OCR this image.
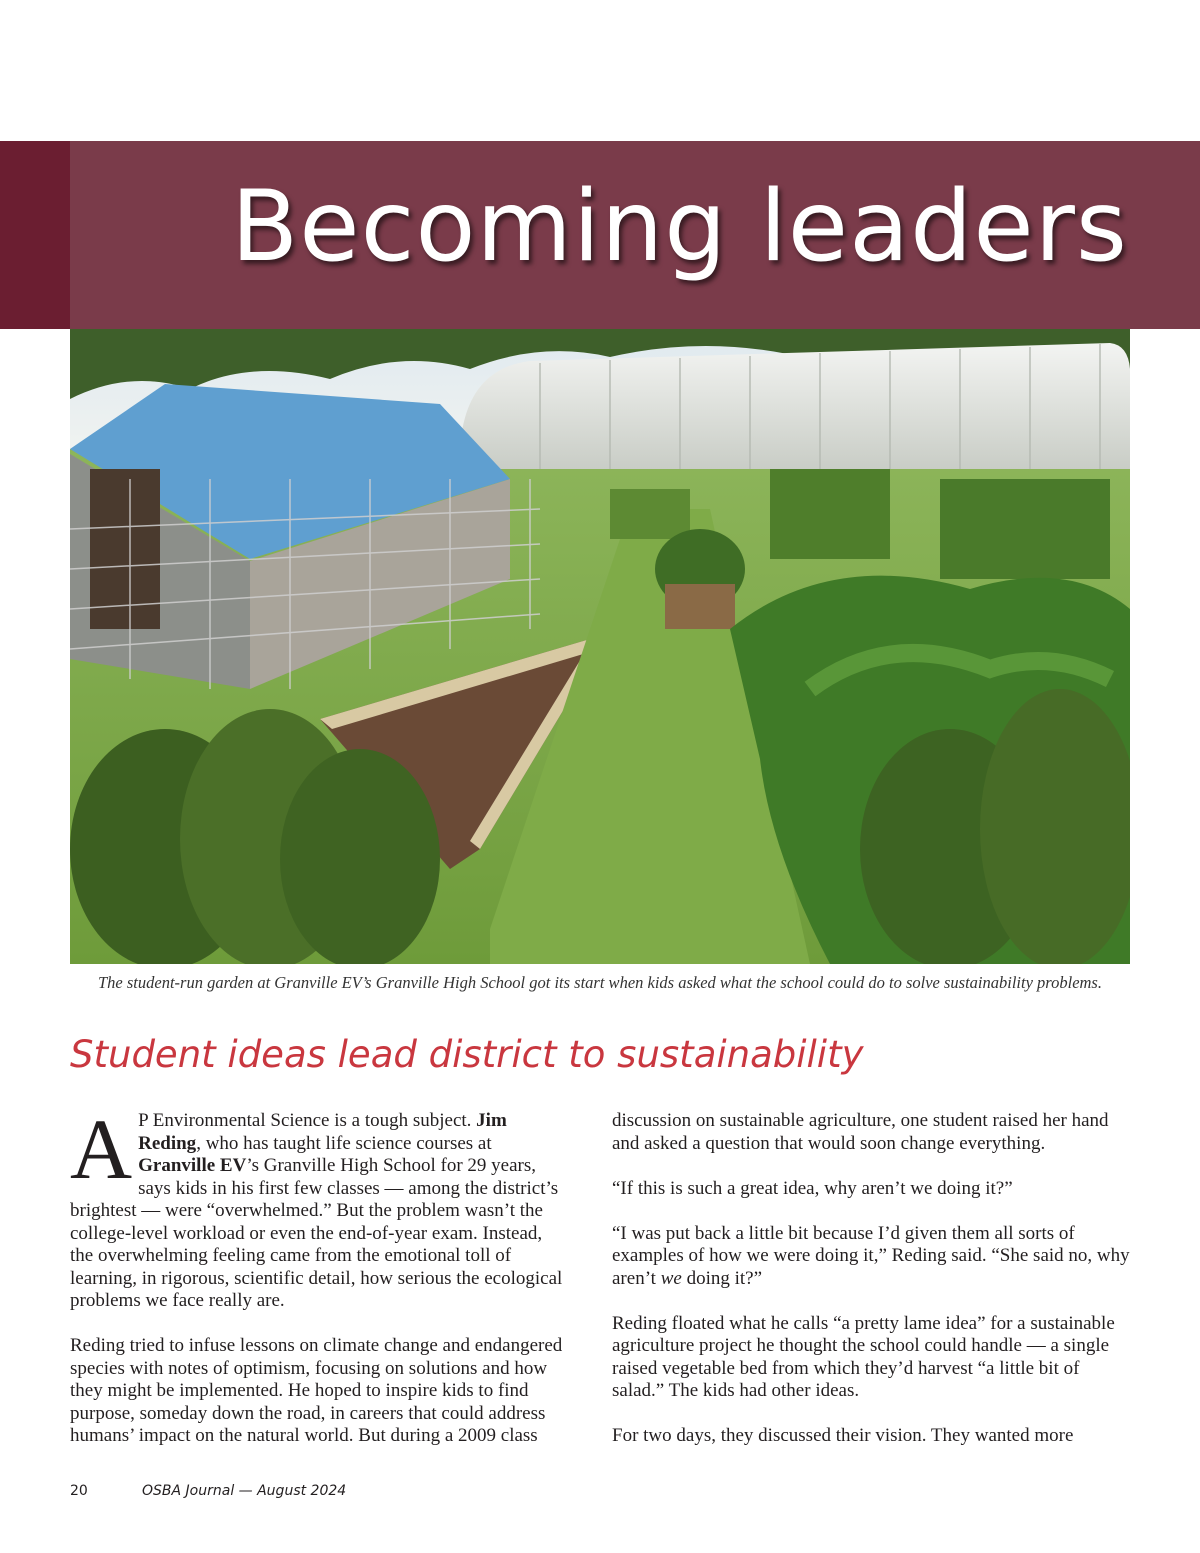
Becoming leaders
The student-run garden at Granville EV’s Granville High School got its start when kids asked what the school could do to solve sustainability problems.
Student ideas lead district to sustainability

A P Environmental Science is a tough subject. Jim Reding, who has taught life science courses at Granville EV’s Granville High School for 29 years, says kids in his first few classes — among the district’s brightest — were “overwhelmed.” But the problem wasn’t the college-level workload or even the end-of-year exam. Instead, the overwhelming feeling came from the emotional toll of learning, in rigorous, scientific detail, how serious the ecological problems we face really are.

Reding tried to infuse lessons on climate change and endangered species with notes of optimism, focusing on solutions and how they might be implemented. He hoped to inspire kids to find purpose, someday down the road, in careers that could address humans’ impact on the natural world. But during a 2009 class

discussion on sustainable agriculture, one student raised her hand and asked a question that would soon change everything.

“If this is such a great idea, why aren’t we doing it?”

“I was put back a little bit because I’d given them all sorts of examples of how we were doing it,” Reding said. “She said no, why aren’t we doing it?”

Reding floated what he calls “a pretty lame idea” for a sustainable agriculture project he thought the school could handle — a single raised vegetable bed from which they’d harvest “a little bit of salad.” The kids had other ideas.

For two days, they discussed their vision. They wanted more

20	OSBA Journal — August 2024
